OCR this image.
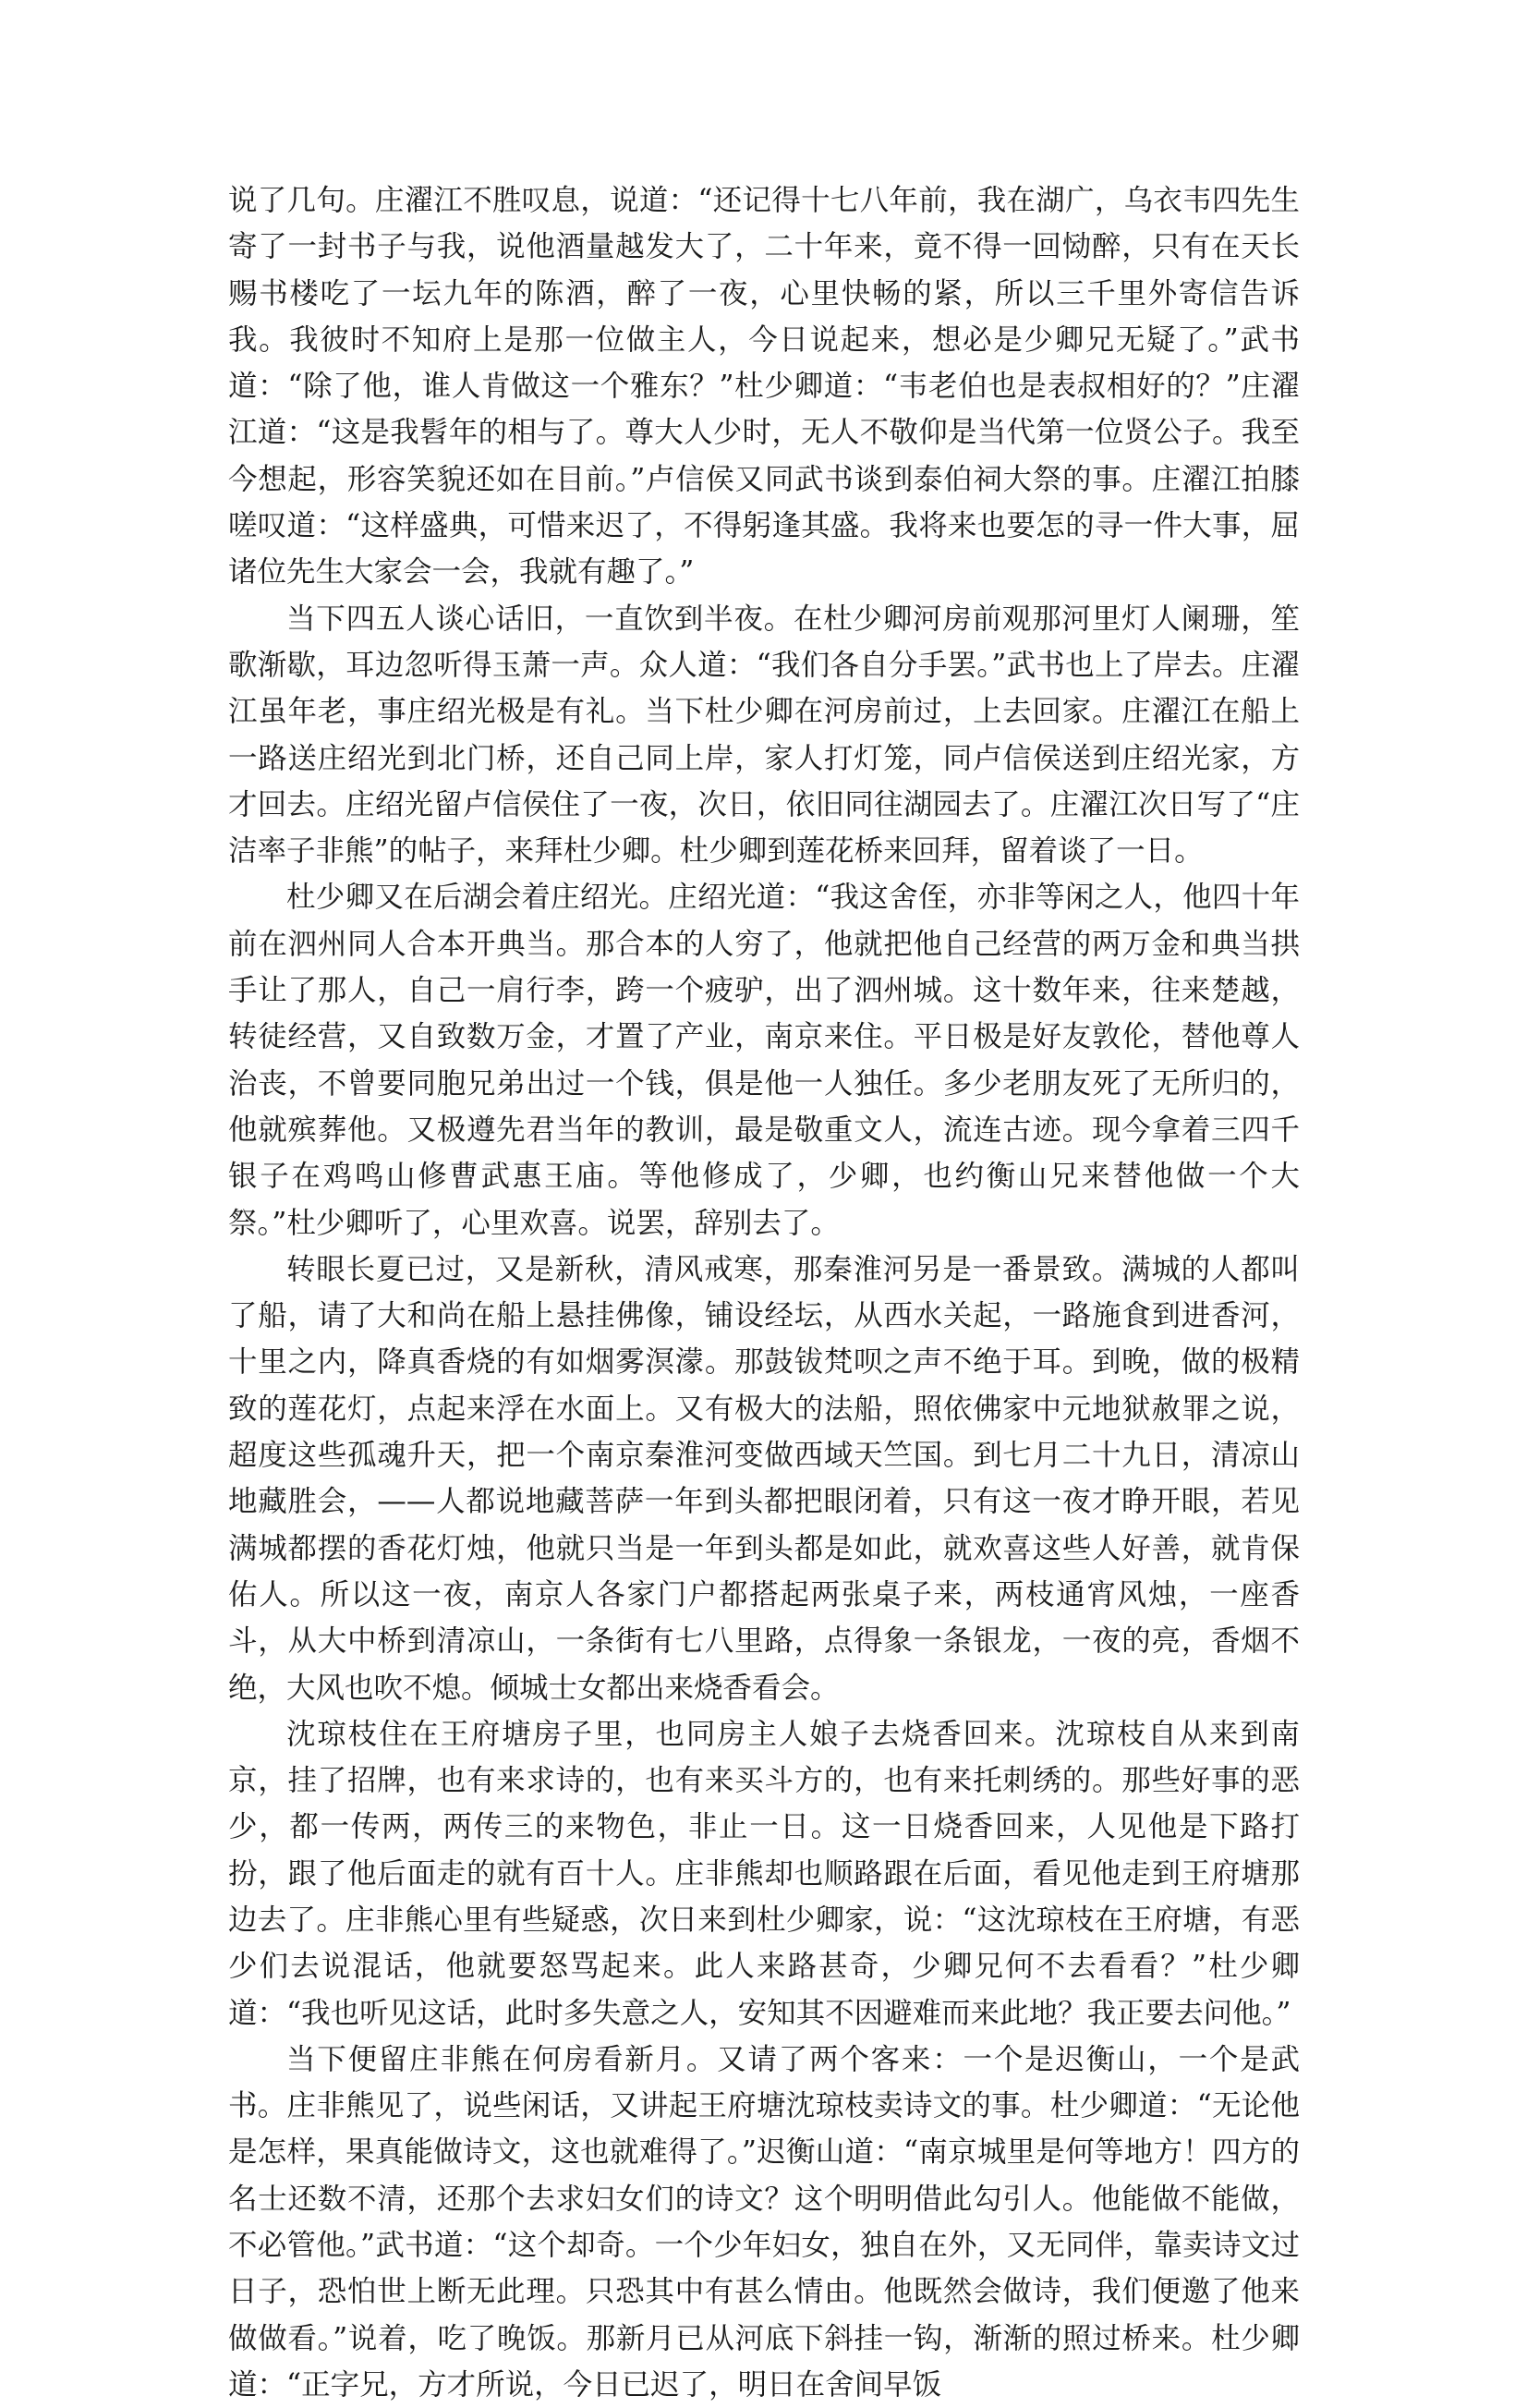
说了几句。庄濯江不胜叹息，说道：“还记得十七八年前，我在湖广，乌衣韦四先生寄了一封书子与我，说他酒量越发大了，二十年来，竟不得一回恸醉，只有在天长赐书楼吃了一坛九年的陈酒，醉了一夜，心里快畅的紧，所以三千里外寄信告诉我。我彼时不知府上是那一位做主人，今日说起来，想必是少卿兄无疑了。”武书道：“除了他，谁人肯做这一个雅东？”杜少卿道：“韦老伯也是表叔相好的？”庄濯江道：“这是我髫年的相与了。尊大人少时，无人不敬仰是当代第一位贤公子。我至今想起，形容笑貌还如在目前。”卢信侯又同武书谈到泰伯祠大祭的事。庄濯江拍膝嗟叹道：“这样盛典，可惜来迟了，不得躬逢其盛。我将来也要怎的寻一件大事，屈诸位先生大家会一会，我就有趣了。”

当下四五人谈心话旧，一直饮到半夜。在杜少卿河房前观那河里灯人阑珊，笙歌渐歇，耳边忽听得玉萧一声。众人道：“我们各自分手罢。”武书也上了岸去。庄濯江虽年老，事庄绍光极是有礼。当下杜少卿在河房前过，上去回家。庄濯江在船上一路送庄绍光到北门桥，还自己同上岸，家人打灯笼，同卢信侯送到庄绍光家，方才回去。庄绍光留卢信侯住了一夜，次日，依旧同往湖园去了。庄濯江次日写了“庄洁率子非熊”的帖子，来拜杜少卿。杜少卿到莲花桥来回拜，留着谈了一日。

杜少卿又在后湖会着庄绍光。庄绍光道：“我这舍侄，亦非等闲之人，他四十年前在泗州同人合本开典当。那合本的人穷了，他就把他自己经营的两万金和典当拱手让了那人，自己一肩行李，跨一个疲驴，出了泗州城。这十数年来，往来楚越，转徒经营，又自致数万金，才置了产业，南京来住。平日极是好友敦伦，替他尊人治丧，不曾要同胞兄弟出过一个钱，俱是他一人独任。多少老朋友死了无所归的，他就殡葬他。又极遵先君当年的教训，最是敬重文人，流连古迹。现今拿着三四千银子在鸡鸣山修曹武惠王庙。等他修成了，少卿，也约衡山兄来替他做一个大祭。”杜少卿听了，心里欢喜。说罢，辞别去了。

转眼长夏已过，又是新秋，清风戒寒，那秦淮河另是一番景致。满城的人都叫了船，请了大和尚在船上悬挂佛像，铺设经坛，从西水关起，一路施食到进香河，十里之内，降真香烧的有如烟雾溟濛。那鼓钹梵呗之声不绝于耳。到晚，做的极精致的莲花灯，点起来浮在水面上。又有极大的法船，照依佛家中元地狱赦罪之说，超度这些孤魂升天，把一个南京秦淮河变做西域天竺国。到七月二十九日，清凉山地藏胜会，——人都说地藏菩萨一年到头都把眼闭着，只有这一夜才睁开眼，若见满城都摆的香花灯烛，他就只当是一年到头都是如此，就欢喜这些人好善，就肯保佑人。所以这一夜，南京人各家门户都搭起两张桌子来，两枝通宵风烛，一座香斗，从大中桥到清凉山，一条街有七八里路，点得象一条银龙，一夜的亮，香烟不绝，大风也吹不熄。倾城士女都出来烧香看会。

沈琼枝住在王府塘房子里，也同房主人娘子去烧香回来。沈琼枝自从来到南京，挂了招牌，也有来求诗的，也有来买斗方的，也有来托刺绣的。那些好事的恶少，都一传两，两传三的来物色，非止一日。这一日烧香回来，人见他是下路打扮，跟了他后面走的就有百十人。庄非熊却也顺路跟在后面，看见他走到王府塘那边去了。庄非熊心里有些疑惑，次日来到杜少卿家，说：“这沈琼枝在王府塘，有恶少们去说混话，他就要怒骂起来。此人来路甚奇，少卿兄何不去看看？”杜少卿道：“我也听见这话，此时多失意之人，安知其不因避难而来此地？我正要去问他。”

当下便留庄非熊在何房看新月。又请了两个客来：一个是迟衡山，一个是武书。庄非熊见了，说些闲话，又讲起王府塘沈琼枝卖诗文的事。杜少卿道：“无论他是怎样，果真能做诗文，这也就难得了。”迟衡山道：“南京城里是何等地方！四方的名士还数不清，还那个去求妇女们的诗文？这个明明借此勾引人。他能做不能做，不必管他。”武书道：“这个却奇。一个少年妇女，独自在外，又无同伴，靠卖诗文过日子，恐怕世上断无此理。只恐其中有甚么情由。他既然会做诗，我们便邀了他来做做看。”说着，吃了晚饭。那新月已从河底下斜挂一钩，渐渐的照过桥来。杜少卿道：“正字兄，方才所说，今日已迟了，明日在舍间早饭
